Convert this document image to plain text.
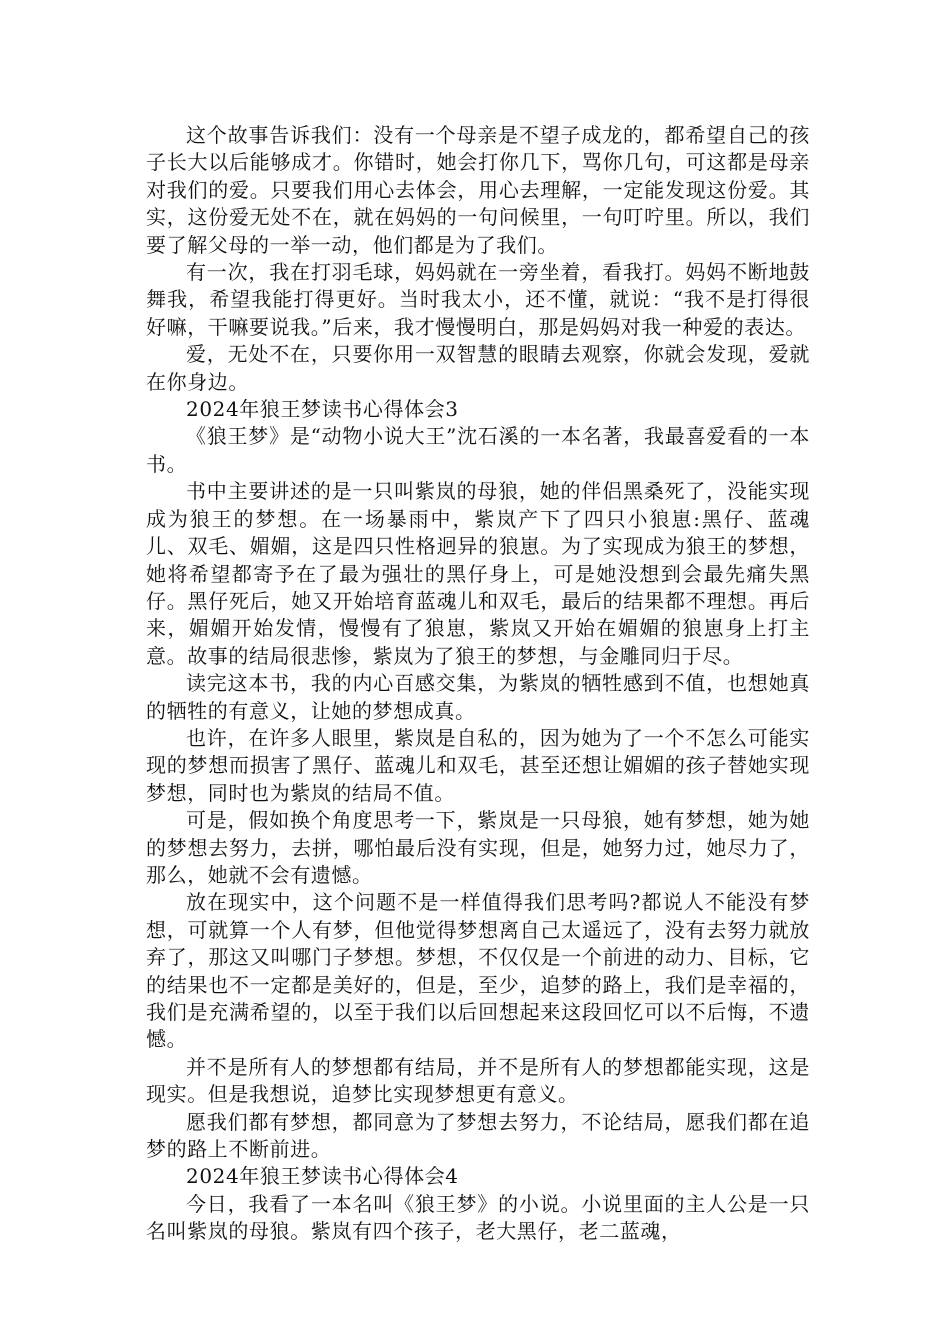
这个故事告诉我们：没有一个母亲是不望子成龙的，都希望自己的孩子长大以后能够成才。你错时，她会打你几下，骂你几句，可这都是母亲对我们的爱。只要我们用心去体会，用心去理解，一定能发现这份爱。其实，这份爱无处不在，就在妈妈的一句问候里，一句叮咛里。所以，我们要了解父母的一举一动，他们都是为了我们。

有一次，我在打羽毛球，妈妈就在一旁坐着，看我打。妈妈不断地鼓舞我，希望我能打得更好。当时我太小，还不懂，就说：“我不是打得很好嘛，干嘛要说我。”后来，我才慢慢明白，那是妈妈对我一种爱的表达。

爱，无处不在，只要你用一双智慧的眼睛去观察，你就会发现，爱就在你身边。

2024年狼王梦读书心得体会3

《狼王梦》是“动物小说大王”沈石溪的一本名著，我最喜爱看的一本书。

书中主要讲述的是一只叫紫岚的母狼，她的伴侣黑桑死了，没能实现成为狼王的梦想。在一场暴雨中，紫岚产下了四只小狼崽:黑仔、蓝魂儿、双毛、媚媚，这是四只性格迥异的狼崽。为了实现成为狼王的梦想，她将希望都寄予在了最为强壮的黑仔身上，可是她没想到会最先痛失黑仔。黑仔死后，她又开始培育蓝魂儿和双毛，最后的结果都不理想。再后来，媚媚开始发情，慢慢有了狼崽，紫岚又开始在媚媚的狼崽身上打主意。故事的结局很悲惨，紫岚为了狼王的梦想，与金雕同归于尽。

读完这本书，我的内心百感交集，为紫岚的牺牲感到不值，也想她真的牺牲的有意义，让她的梦想成真。

也许，在许多人眼里，紫岚是自私的，因为她为了一个不怎么可能实现的梦想而损害了黑仔、蓝魂儿和双毛，甚至还想让媚媚的孩子替她实现梦想，同时也为紫岚的结局不值。

可是，假如换个角度思考一下，紫岚是一只母狼，她有梦想，她为她的梦想去努力，去拼，哪怕最后没有实现，但是，她努力过，她尽力了，那么，她就不会有遗憾。

放在现实中，这个问题不是一样值得我们思考吗?都说人不能没有梦想，可就算一个人有梦，但他觉得梦想离自己太遥远了，没有去努力就放弃了，那这又叫哪门子梦想。梦想，不仅仅是一个前进的动力、目标，它的结果也不一定都是美好的，但是，至少，追梦的路上，我们是幸福的，我们是充满希望的，以至于我们以后回想起来这段回忆可以不后悔，不遗憾。

并不是所有人的梦想都有结局，并不是所有人的梦想都能实现，这是现实。但是我想说，追梦比实现梦想更有意义。

愿我们都有梦想，都同意为了梦想去努力，不论结局，愿我们都在追梦的路上不断前进。

2024年狼王梦读书心得体会4

今日，我看了一本名叫《狼王梦》的小说。小说里面的主人公是一只名叫紫岚的母狼。紫岚有四个孩子，老大黑仔，老二蓝魂，
